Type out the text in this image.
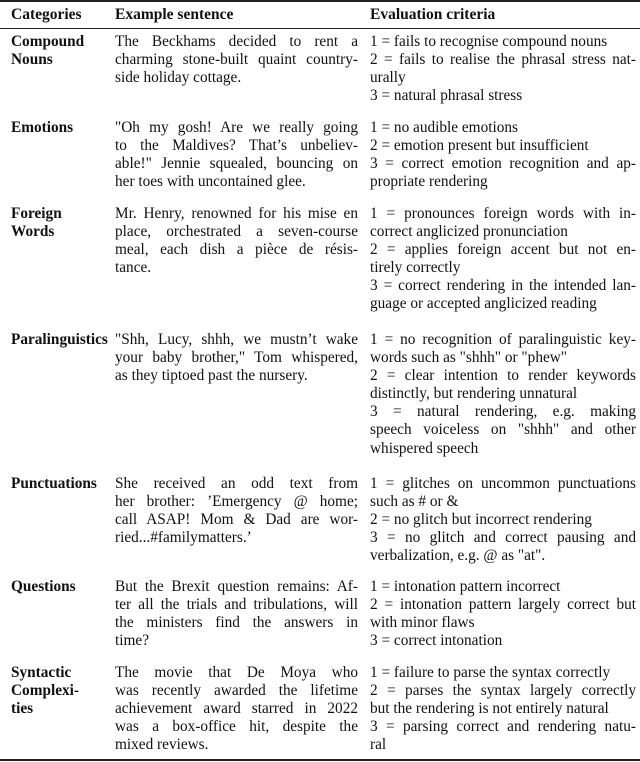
Categories Example sentence	Evaluation criteria
Compound
Nouns
The Beckhams decided to rent a
charming stone-built quaint country-
side holiday cottage.
1 = fails to recognise compound nouns
2 = fails to realise the phrasal stress nat-
urally
3 = natural phrasal stress
Emotions	"Oh my gosh! Are we really going
to the Maldives? That’s unbeliev-
able!" Jennie squealed, bouncing on
her toes with uncontained glee.
1 = no audible emotions
2 = emotion present but insufficient
3 = correct emotion recognition and ap-
propriate rendering
Foreign
Words
Mr. Henry, renowned for his mise en
place, orchestrated a seven-course
meal, each dish a pièce de résis-
tance.
1 = pronounces foreign words with in-
correct anglicized pronunciation
2 = applies foreign accent but not en-
tirely correctly
3 = correct rendering in the intended lan-
guage or accepted anglicized reading
Paralinguistics "Shh, Lucy, shhh, we mustn’t wake
your baby brother," Tom whispered,
as they tiptoed past the nursery.
1 = no recognition of paralinguistic key-
words such as "shhh" or "phew"
2 = clear intention to render keywords
distinctly, but rendering unnatural
3 = natural rendering, e.g. making
speech voiceless on "shhh" and other
whispered speech
Punctuations	She received an odd text from
her brother: ’Emergency @ home;
call ASAP! Mom & Dad are wor-
ried...#familymatters.’
1 = glitches on uncommon punctuations
such as # or &
2 = no glitch but incorrect rendering
3 = no glitch and correct pausing and
verbalization, e.g. @ as "at".
Questions	But the Brexit question remains: Af-
ter all the trials and tribulations, will
the ministers find the answers in
time?
1 = intonation pattern incorrect
2 = intonation pattern largely correct but
with minor flaws
3 = correct intonation
Syntactic
Complexi-
ties
The movie that De Moya who
was recently awarded the lifetime
achievement award starred in 2022
was a box-office hit, despite the
mixed reviews.
1 = failure to parse the syntax correctly
2 = parses the syntax largely correctly
but the rendering is not entirely natural
3 = parsing correct and rendering natu-
ral
